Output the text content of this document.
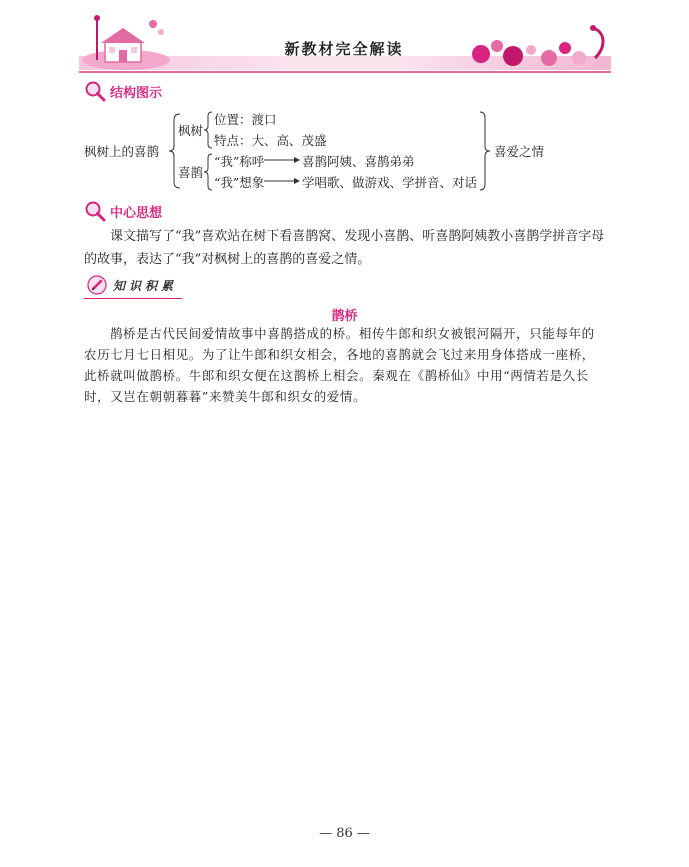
新教材完全解读
结构图示
枫树上的喜鹊
枫树
喜鹊
位置：渡口
特点：大、高、茂盛
“我”称呼	喜鹊阿姨、喜鹊弟弟
“我”想象	学唱歌、做游戏、学拼音、对话
喜爱之情
中心思想

课文描写了“我”喜欢站在树下看喜鹊窝、发现小喜鹊、听喜鹊阿姨教小喜鹊学拼音字母的故事，表达了“我”对枫树上的喜鹊的喜爱之情。

知识积累
鹊桥

鹊桥是古代民间爱情故事中喜鹊搭成的桥。相传牛郎和织女被银河隔开，只能每年的农历七月七日相见。为了让牛郎和织女相会，各地的喜鹊就会飞过来用身体搭成一座桥，此桥就叫做鹊桥。牛郎和织女便在这鹊桥上相会。秦观在《鹊桥仙》中用“两情若是久长时，又岂在朝朝暮暮”来赞美牛郎和织女的爱情。

— 86 —
